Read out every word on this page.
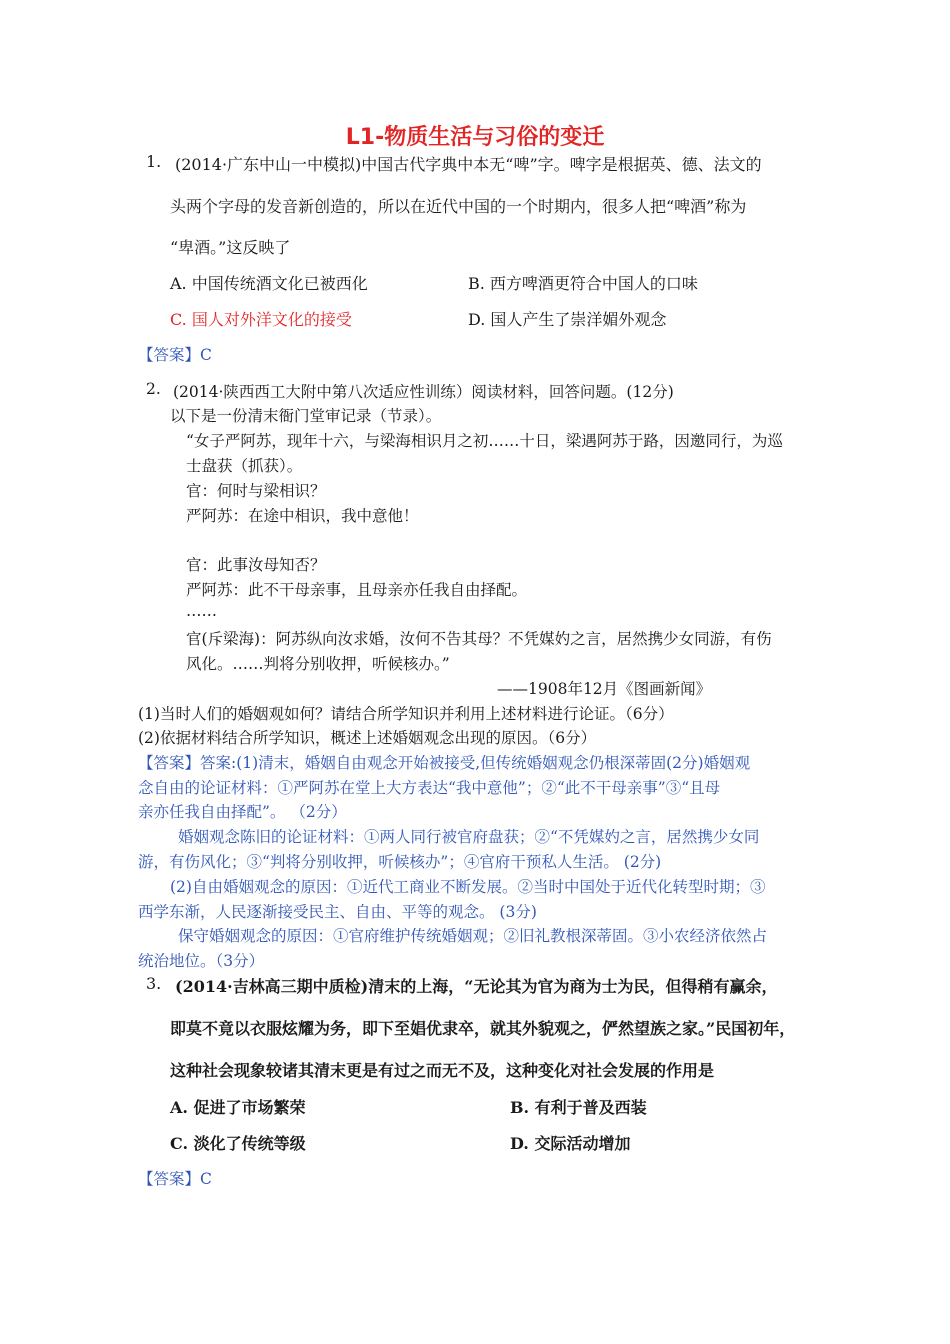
L1-物质生活与习俗的变迁
1. (2014·广东中山一中模拟)中国古代字典中本无“啤”字。啤字是根据英、德、法文的
头两个字母的发音新创造的，所以在近代中国的一个时期内，很多人把“啤酒”称为
“卑酒。”这反映了
A. 中国传统酒文化已被西化	B. 西方啤酒更符合中国人的口味
C. 国人对外洋文化的接受	D. 国人产生了崇洋媚外观念
【答案】C
2. (2014·陕西西工大附中第八次适应性训练）阅读材料，回答问题。(12分)
以下是一份清末衙门堂审记录（节录）。
“女子严阿苏，现年十六，与梁海相识月之初……十日，梁遇阿苏于路，因邀同行，为巡
士盘获（抓获）。
官：何时与梁相识？
严阿苏：在途中相识，我中意他！
官：此事汝母知否？
严阿苏：此不干母亲事，且母亲亦任我自由择配。
……
官(斥梁海)：阿苏纵向汝求婚，汝何不告其母？不凭媒妁之言，居然携少女同游，有伤
风化。……判将分别收押，听候核办。”
——1908年12月《图画新闻》
(1)当时人们的婚姻观如何？请结合所学知识并利用上述材料进行论证。（6分）
(2)依据材料结合所学知识，概述上述婚姻观念出现的原因。（6分）
【答案】答案:(1)清末，婚姻自由观念开始被接受,但传统婚姻观念仍根深蒂固(2分)婚姻观
念自由的论证材料：①严阿苏在堂上大方表达“我中意他”；②“此不干母亲事”③“且母
亲亦任我自由择配”。 （2分）
婚姻观念陈旧的论证材料：①两人同行被官府盘获；②“不凭媒妁之言，居然携少女同
游，有伤风化；③“判将分别收押，听候核办”；④官府干预私人生活。 (2分)
(2)自由婚姻观念的原因：①近代工商业不断发展。②当时中国处于近代化转型时期；③
西学东渐，人民逐渐接受民主、自由、平等的观念。 (3分)
保守婚姻观念的原因：①官府维护传统婚姻观；②旧礼教根深蒂固。③小农经济依然占
统治地位。（3分）
3. (2014·吉林高三期中质检)清末的上海，“无论其为官为商为士为民，但得稍有赢余，
即莫不竟以衣服炫耀为务，即下至娼优隶卒，就其外貌观之，俨然望族之家。”民国初年，
这种社会现象较诸其清末更是有过之而无不及，这种变化对社会发展的作用是
A. 促进了市场繁荣	B. 有利于普及西装
C. 淡化了传统等级	D. 交际活动增加
【答案】C
